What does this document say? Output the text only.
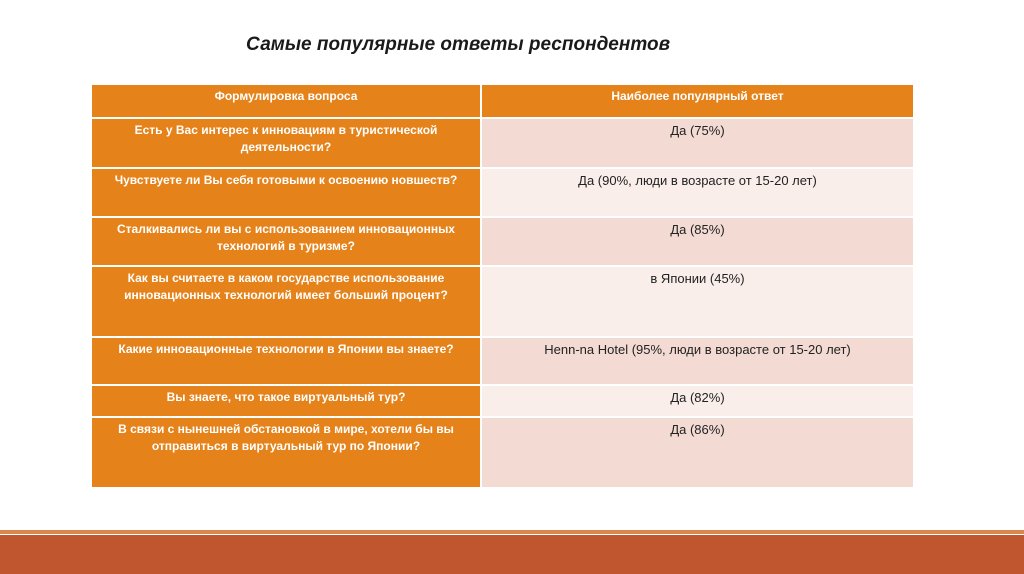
Самые популярные ответы респондентов
Формулировка вопроса	Наиболее популярный ответ
Есть у Вас интерес к инновациям в туристической деятельности?	Да (75%)
Чувствуете ли Вы себя готовыми к освоению новшеств?	Да (90%, люди в возрасте от 15-20 лет)
Сталкивались ли вы с использованием инновационных технологий в туризме?	Да (85%)
Как вы считаете в каком государстве использование инновационных технологий имеет больший процент?	в Японии (45%)
Какие инновационные технологии в Японии вы знаете?	Henn-na Hotel (95%, люди в возрасте от 15-20 лет)
Вы знаете, что такое виртуальный тур?	Да (82%)
В связи с нынешней обстановкой в мире, хотели бы вы отправиться в виртуальный тур по Японии?	Да (86%)
